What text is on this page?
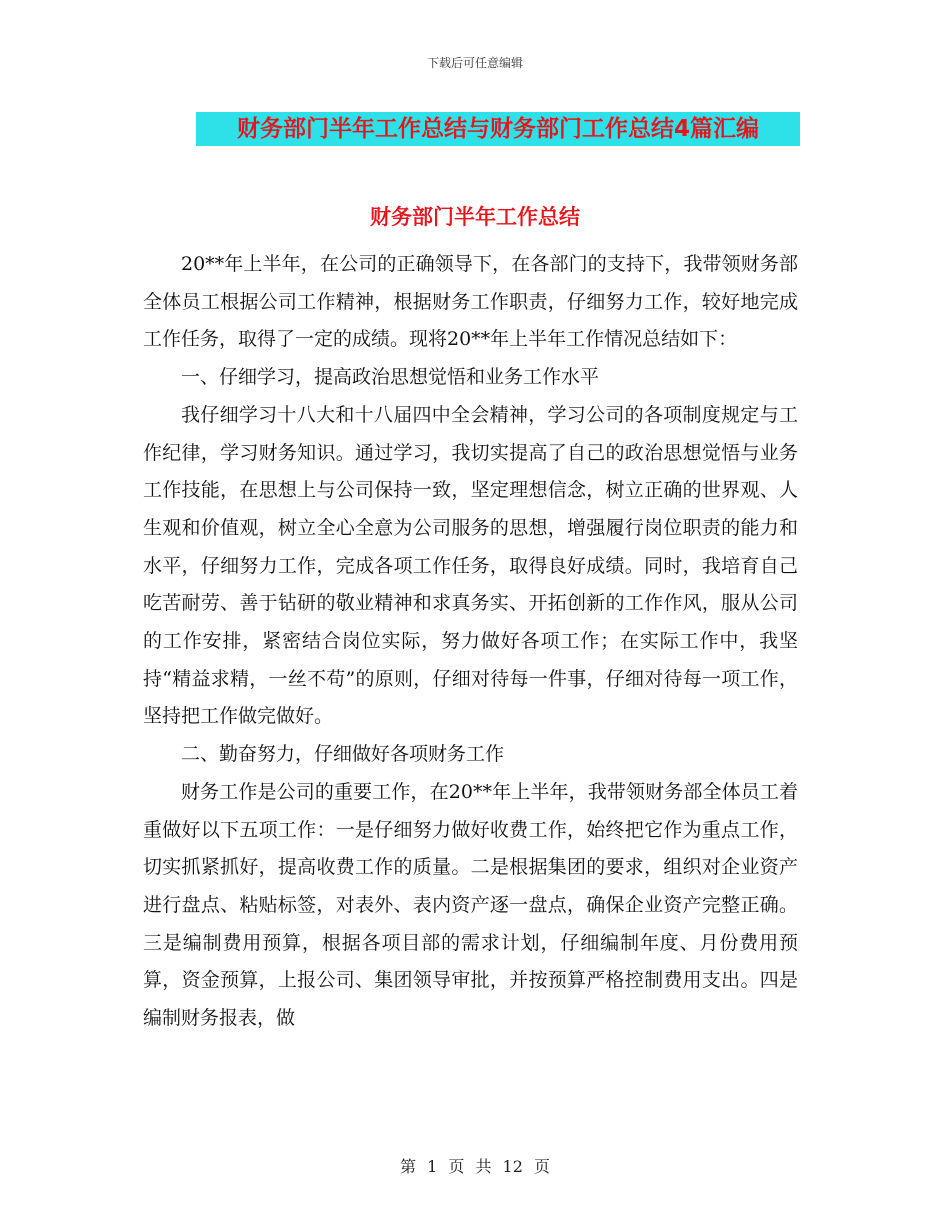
下载后可任意编辑
财务部门半年工作总结与财务部门工作总结4篇汇编
财务部门半年工作总结

20**年上半年，在公司的正确领导下，在各部门的支持下，我带领财务部全体员工根据公司工作精神，根据财务工作职责，仔细努力工作，较好地完成工作任务，取得了一定的成绩。现将20**年上半年工作情况总结如下：

一、仔细学习，提高政治思想觉悟和业务工作水平

我仔细学习十八大和十八届四中全会精神，学习公司的各项制度规定与工作纪律，学习财务知识。通过学习，我切实提高了自己的政治思想觉悟与业务工作技能，在思想上与公司保持一致，坚定理想信念，树立正确的世界观、人生观和价值观，树立全心全意为公司服务的思想，增强履行岗位职责的能力和水平，仔细努力工作，完成各项工作任务，取得良好成绩。同时，我培育自己吃苦耐劳、善于钻研的敬业精神和求真务实、开拓创新的工作作风，服从公司的工作安排，紧密结合岗位实际，努力做好各项工作；在实际工作中，我坚持“精益求精，一丝不苟”的原则，仔细对待每一件事，仔细对待每一项工作，坚持把工作做完做好。

二、勤奋努力，仔细做好各项财务工作

财务工作是公司的重要工作，在20**年上半年，我带领财务部全体员工着重做好以下五项工作：一是仔细努力做好收费工作，始终把它作为重点工作，切实抓紧抓好，提高收费工作的质量。二是根据集团的要求，组织对企业资产进行盘点、粘贴标签，对表外、表内资产逐一盘点，确保企业资产完整正确。三是编制费用预算，根据各项目部的需求计划，仔细编制年度、月份费用预算，资金预算，上报公司、集团领导审批，并按预算严格控制费用支出。四是编制财务报表，做

第 1 页 共 12 页
